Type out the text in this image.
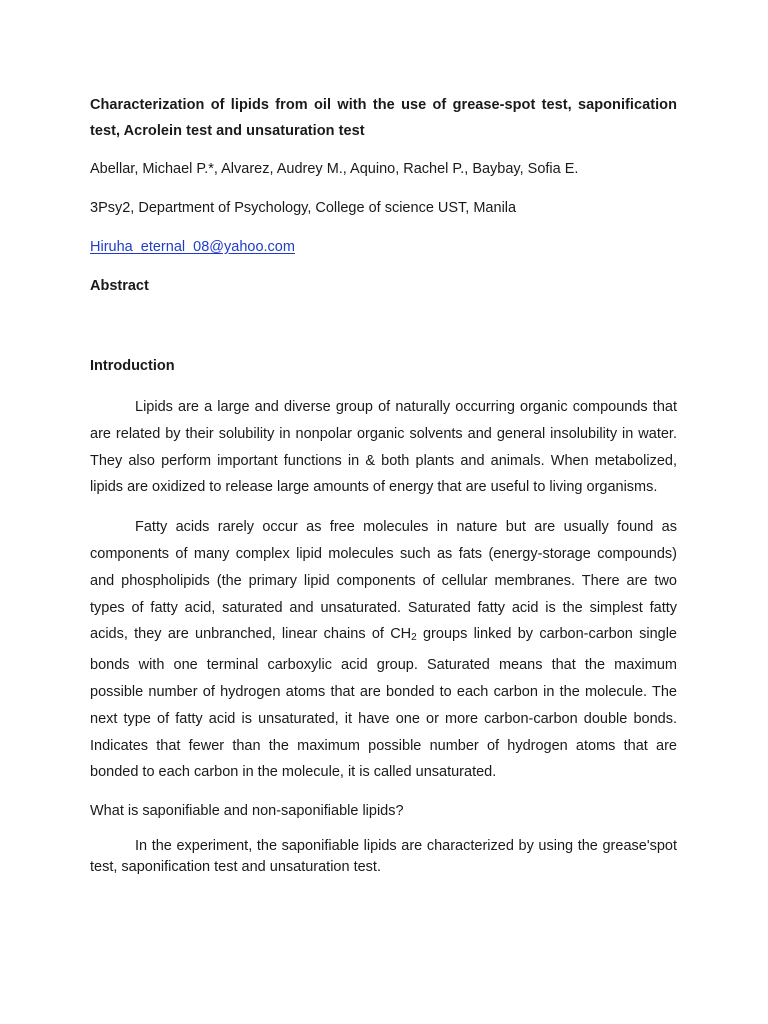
Characterization of lipids from oil with the use of grease-spot test, saponification test, Acrolein test and unsaturation test

Abellar, Michael P.*, Alvarez, Audrey M., Aquino, Rachel P., Baybay, Sofia E.

3Psy2, Department of Psychology, College of science UST, Manila

Hiruha_eternal_08@yahoo.com
Abstract
Introduction

Lipids are a large and diverse group of naturally occurring organic compounds that are related by their solubility in nonpolar organic solvents and general insolubility in water. They also perform important functions in & both plants and animals. When metabolized, lipids are oxidized to release large amounts of energy that are useful to living organisms.

Fatty acids rarely occur as free molecules in nature but are usually found as components of many complex lipid molecules such as fats (energy-storage compounds) and phospholipids (the primary lipid components of cellular membranes. There are two types of fatty acid, saturated and unsaturated. Saturated fatty acid is the simplest fatty acids, they are unbranched, linear chains of $CH_2$ groups linked by carbon-carbon single bonds with one terminal carboxylic acid group. Saturated means that the maximum possible number of hydrogen atoms that are bonded to each carbon in the molecule. The next type of fatty acid is unsaturated, it have one or more carbon-carbon double bonds. Indicates that fewer than the maximum possible number of hydrogen atoms that are bonded to each carbon in the molecule, it is called unsaturated.

What is saponifiable and non-saponifiable lipids?

In the experiment, the saponifiable lipids are characterized by using the grease'spot test, saponification test and unsaturation test.
